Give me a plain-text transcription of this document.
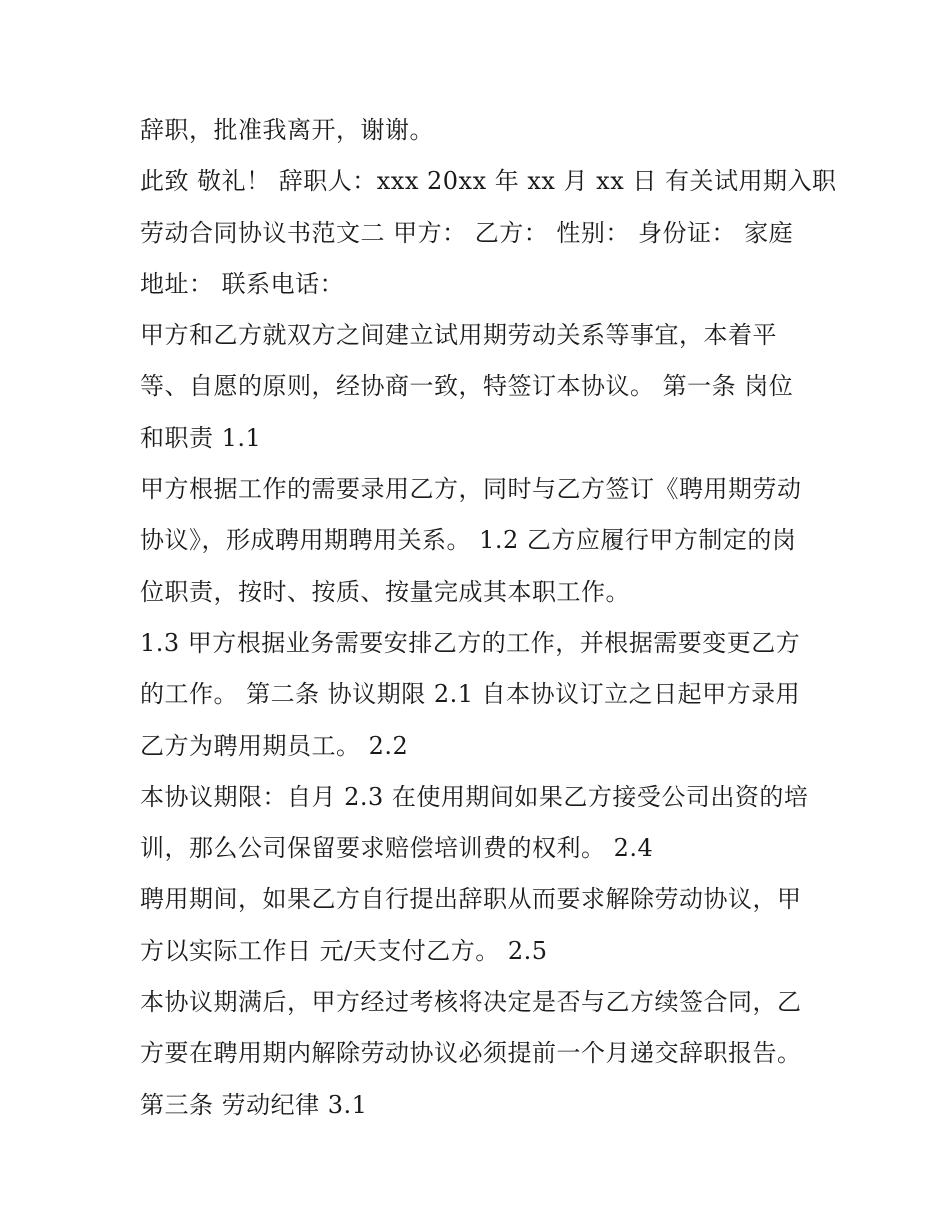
辞职，批准我离开，谢谢。
此致 敬礼！ 辞职人：xxx 20xx 年 xx 月 xx 日 有关试用期入职
劳动合同协议书范文二 甲方： 乙方： 性别： 身份证： 家庭
地址： 联系电话：
甲方和乙方就双方之间建立试用期劳动关系等事宜，本着平
等、自愿的原则，经协商一致，特签订本协议。 第一条 岗位
和职责 1.1
甲方根据工作的需要录用乙方，同时与乙方签订《聘用期劳动
协议》，形成聘用期聘用关系。 1.2 乙方应履行甲方制定的岗
位职责，按时、按质、按量完成其本职工作。
1.3 甲方根据业务需要安排乙方的工作，并根据需要变更乙方
的工作。 第二条 协议期限 2.1 自本协议订立之日起甲方录用
乙方为聘用期员工。 2.2
本协议期限：自月 2.3 在使用期间如果乙方接受公司出资的培
训，那么公司保留要求赔偿培训费的权利。 2.4
聘用期间，如果乙方自行提出辞职从而要求解除劳动协议，甲
方以实际工作日 元/天支付乙方。 2.5
本协议期满后，甲方经过考核将决定是否与乙方续签合同，乙
方要在聘用期内解除劳动协议必须提前一个月递交辞职报告。
第三条 劳动纪律 3.1
